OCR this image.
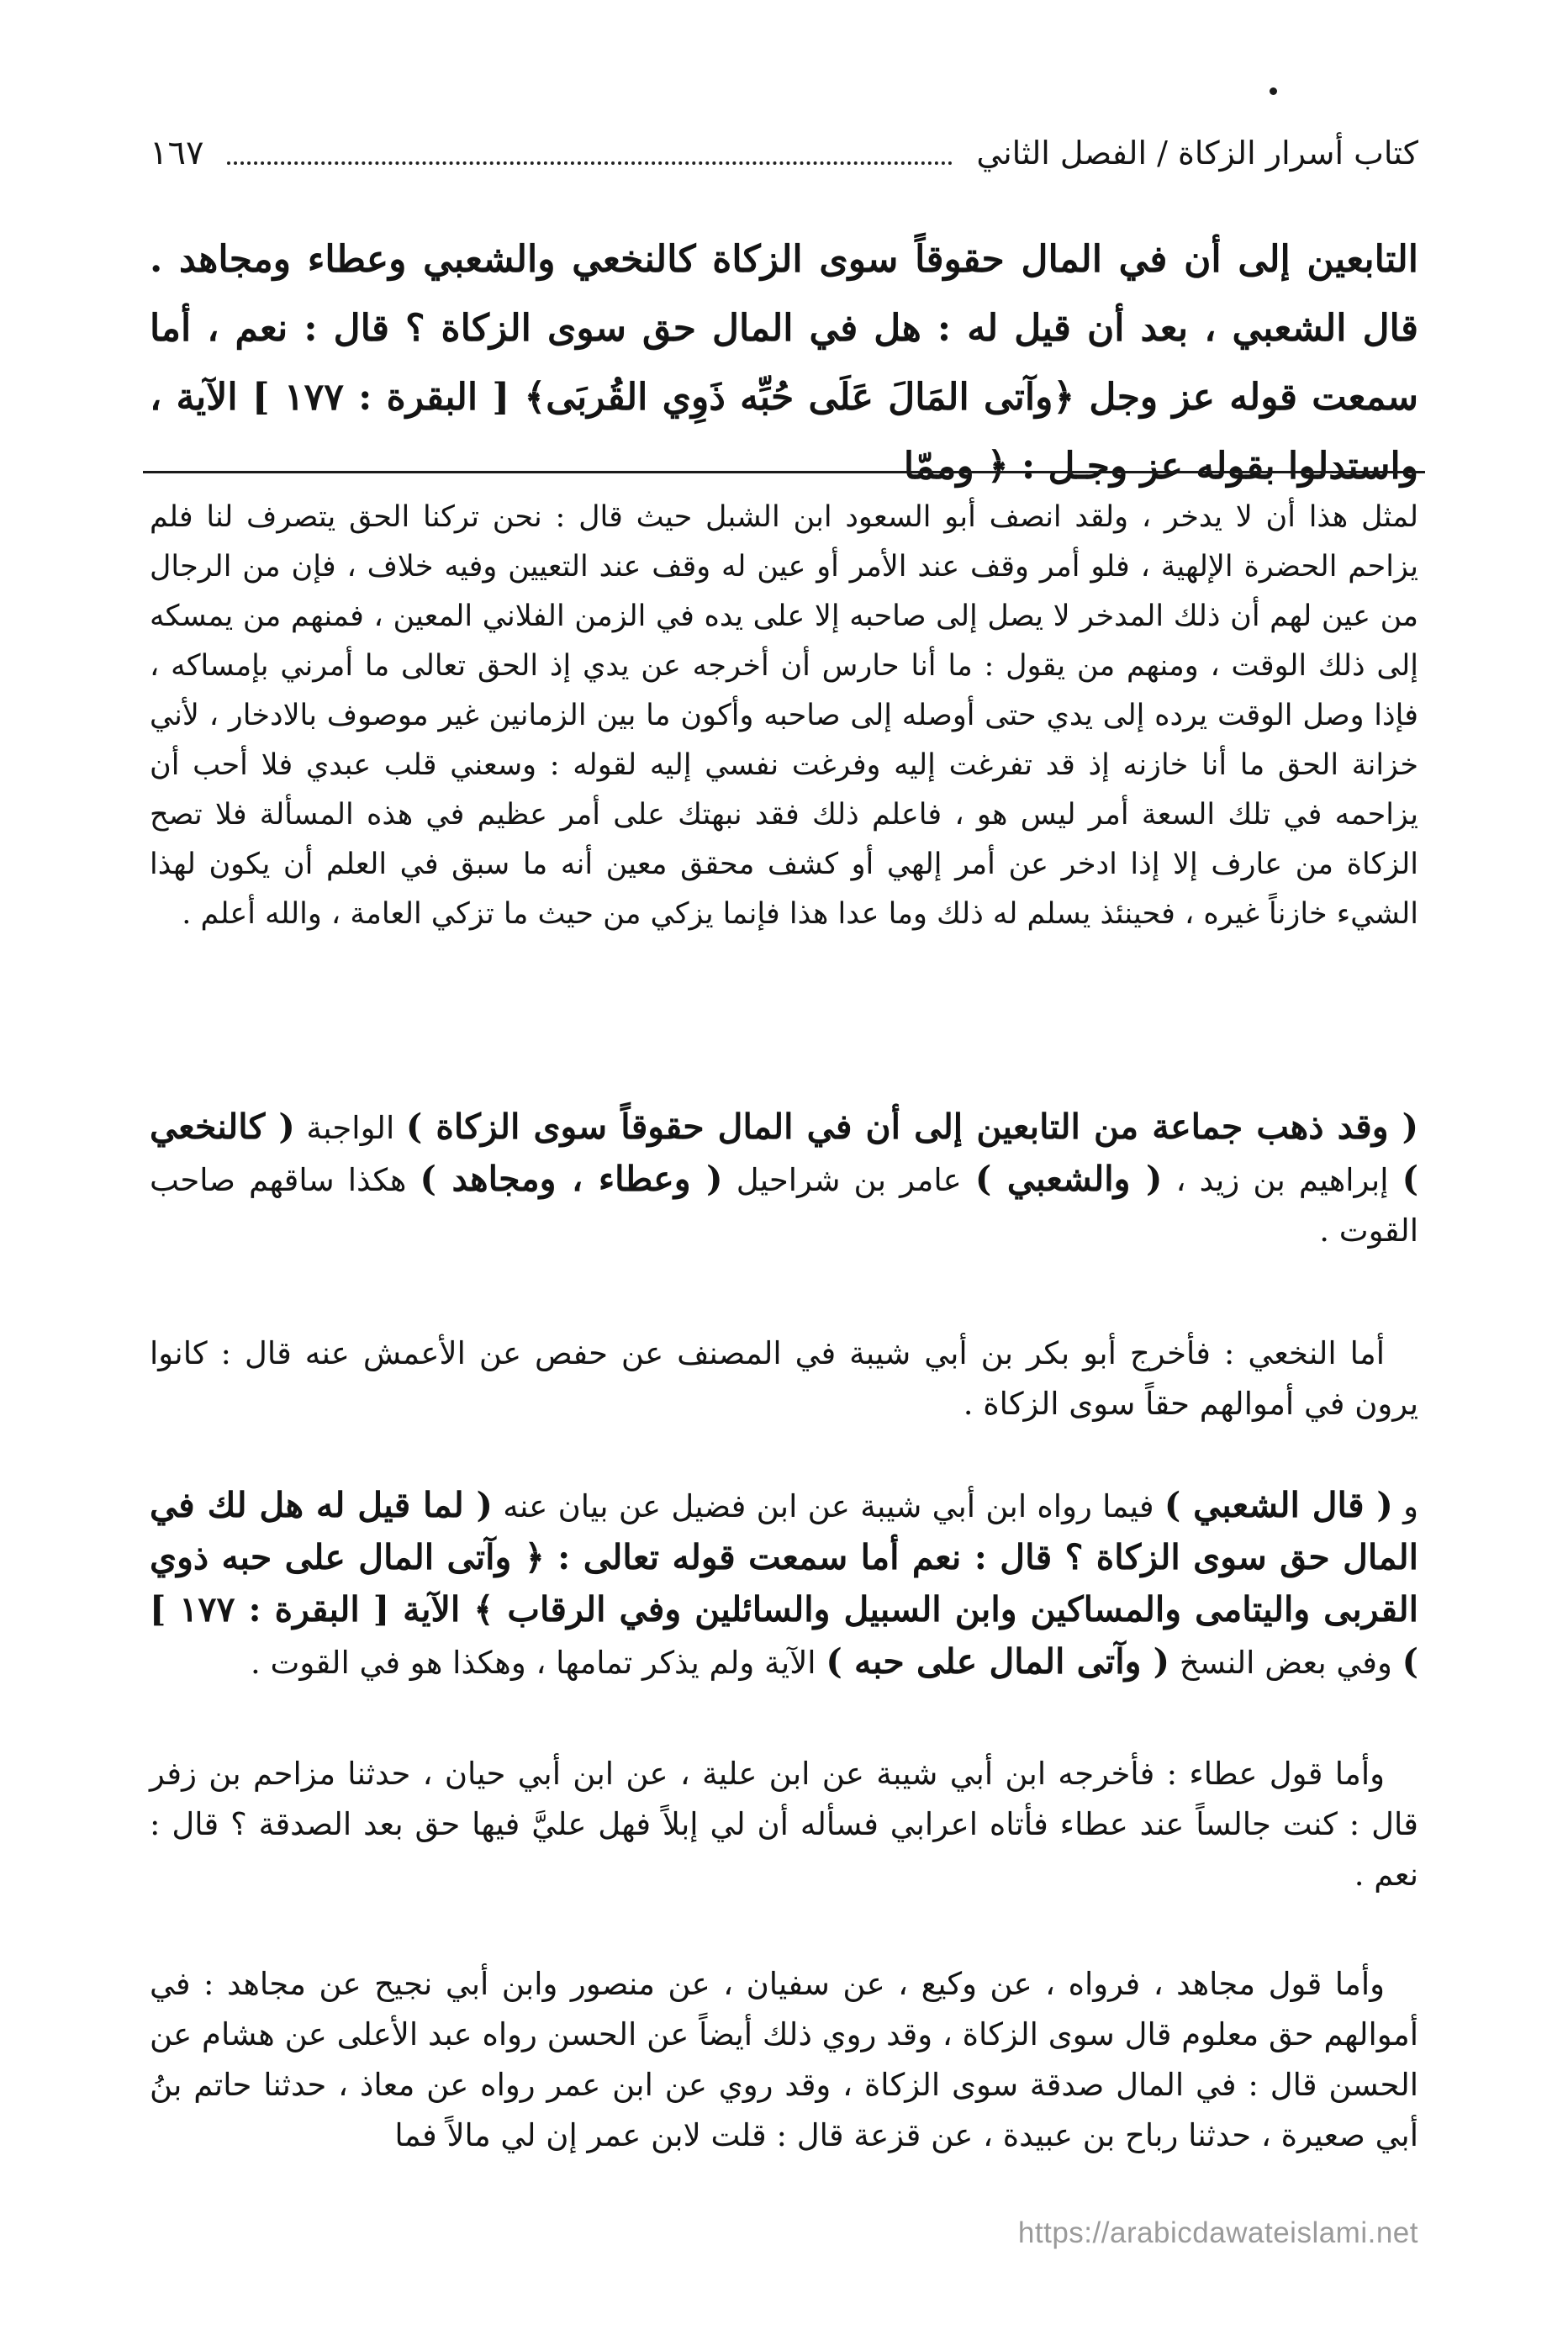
كتاب أسرار الزكاة / الفصل الثاني
١٦٧
التابعين إلى أن في المال حقوقاً سوى الزكاة كالنخعي والشعبي وعطاء ومجاهد . قال الشعبي ، بعد أن قيل له : هل في المال حق سوى الزكاة ؟ قال : نعم ، أما سمعت قوله عز وجل ﴿وآتى المَالَ عَلَى حُبِّه ذَوِي القُربَى﴾ [ البقرة : ١٧٧ ] الآية ، واستدلوا بقوله عز وجـل : ﴿ وممّا
لمثل هذا أن لا يدخر ، ولقد انصف أبو السعود ابن الشبل حيث قال : نحن تركنا الحق يتصرف لنا فلم يزاحم الحضرة الإلهية ، فلو أمر وقف عند الأمر أو عين له وقف عند التعيين وفيه خلاف ، فإن من الرجال من عين لهم أن ذلك المدخر لا يصل إلى صاحبه إلا على يده في الزمن الفلاني المعين ، فمنهم من يمسكه إلى ذلك الوقت ، ومنهم من يقول : ما أنا حارس أن أخرجه عن يدي إذ الحق تعالى ما أمرني بإمساكه ، فإذا وصل الوقت يرده إلى يدي حتى أوصله إلى صاحبه وأكون ما بين الزمانين غير موصوف بالادخار ، لأني خزانة الحق ما أنا خازنه إذ قد تفرغت إليه وفرغت نفسي إليه لقوله : وسعني قلب عبدي فلا أحب أن يزاحمه في تلك السعة أمر ليس هو ، فاعلم ذلك فقد نبهتك على أمر عظيم في هذه المسألة فلا تصح الزكاة من عارف إلا إذا ادخر عن أمر إلهي أو كشف محقق معين أنه ما سبق في العلم أن يكون لهذا الشيء خازناً غيره ، فحينئذ يسلم له ذلك وما عدا هذا فإنما يزكي من حيث ما تزكي العامة ، والله أعلم .

( وقد ذهب جماعة من التابعين إلى أن في المال حقوقاً سوى الزكاة ) الواجبة ( كالنخعي ) إبراهيم بن زيد ، ( والشعبي ) عامر بن شراحيل ( وعطاء ، ومجاهد ) هكذا ساقهم صاحب القوت .

أما النخعي : فأخرج أبو بكر بن أبي شيبة في المصنف عن حفص عن الأعمش عنه قال : كانوا يرون في أموالهم حقاً سوى الزكاة .

و ( قال الشعبي ) فيما رواه ابن أبي شيبة عن ابن فضيل عن بيان عنه ( لما قيل له هل لك في المال حق سوى الزكاة ؟ قال : نعم أما سمعت قوله تعالى : ﴿ وآتى المال على حبه ذوي القربى واليتامى والمساكين وابن السبيل والسائلين وفي الرقاب ﴾ الآية [ البقرة : ١٧٧ ] ) وفي بعض النسخ ( وآتى المال على حبه ) الآية ولم يذكر تمامها ، وهكذا هو في القوت .

وأما قول عطاء : فأخرجه ابن أبي شيبة عن ابن علية ، عن ابن أبي حيان ، حدثنا مزاحم بن زفر قال : كنت جالساً عند عطاء فأتاه اعرابي فسأله أن لي إبلاً فهل عليَّ فيها حق بعد الصدقة ؟ قال : نعم .

وأما قول مجاهد ، فرواه ، عن وكيع ، عن سفيان ، عن منصور وابن أبي نجيح عن مجاهد : في أموالهم حق معلوم قال سوى الزكاة ، وقد روي ذلك أيضاً عن الحسن رواه عبد الأعلى عن هشام عن الحسن قال : في المال صدقة سوى الزكاة ، وقد روي عن ابن عمر رواه عن معاذ ، حدثنا حاتم بنُ أبي صعيرة ، حدثنا رباح بن عبيدة ، عن قزعة قال : قلت لابن عمر إن لي مالاً فما

https://arabicdawateislami.net
